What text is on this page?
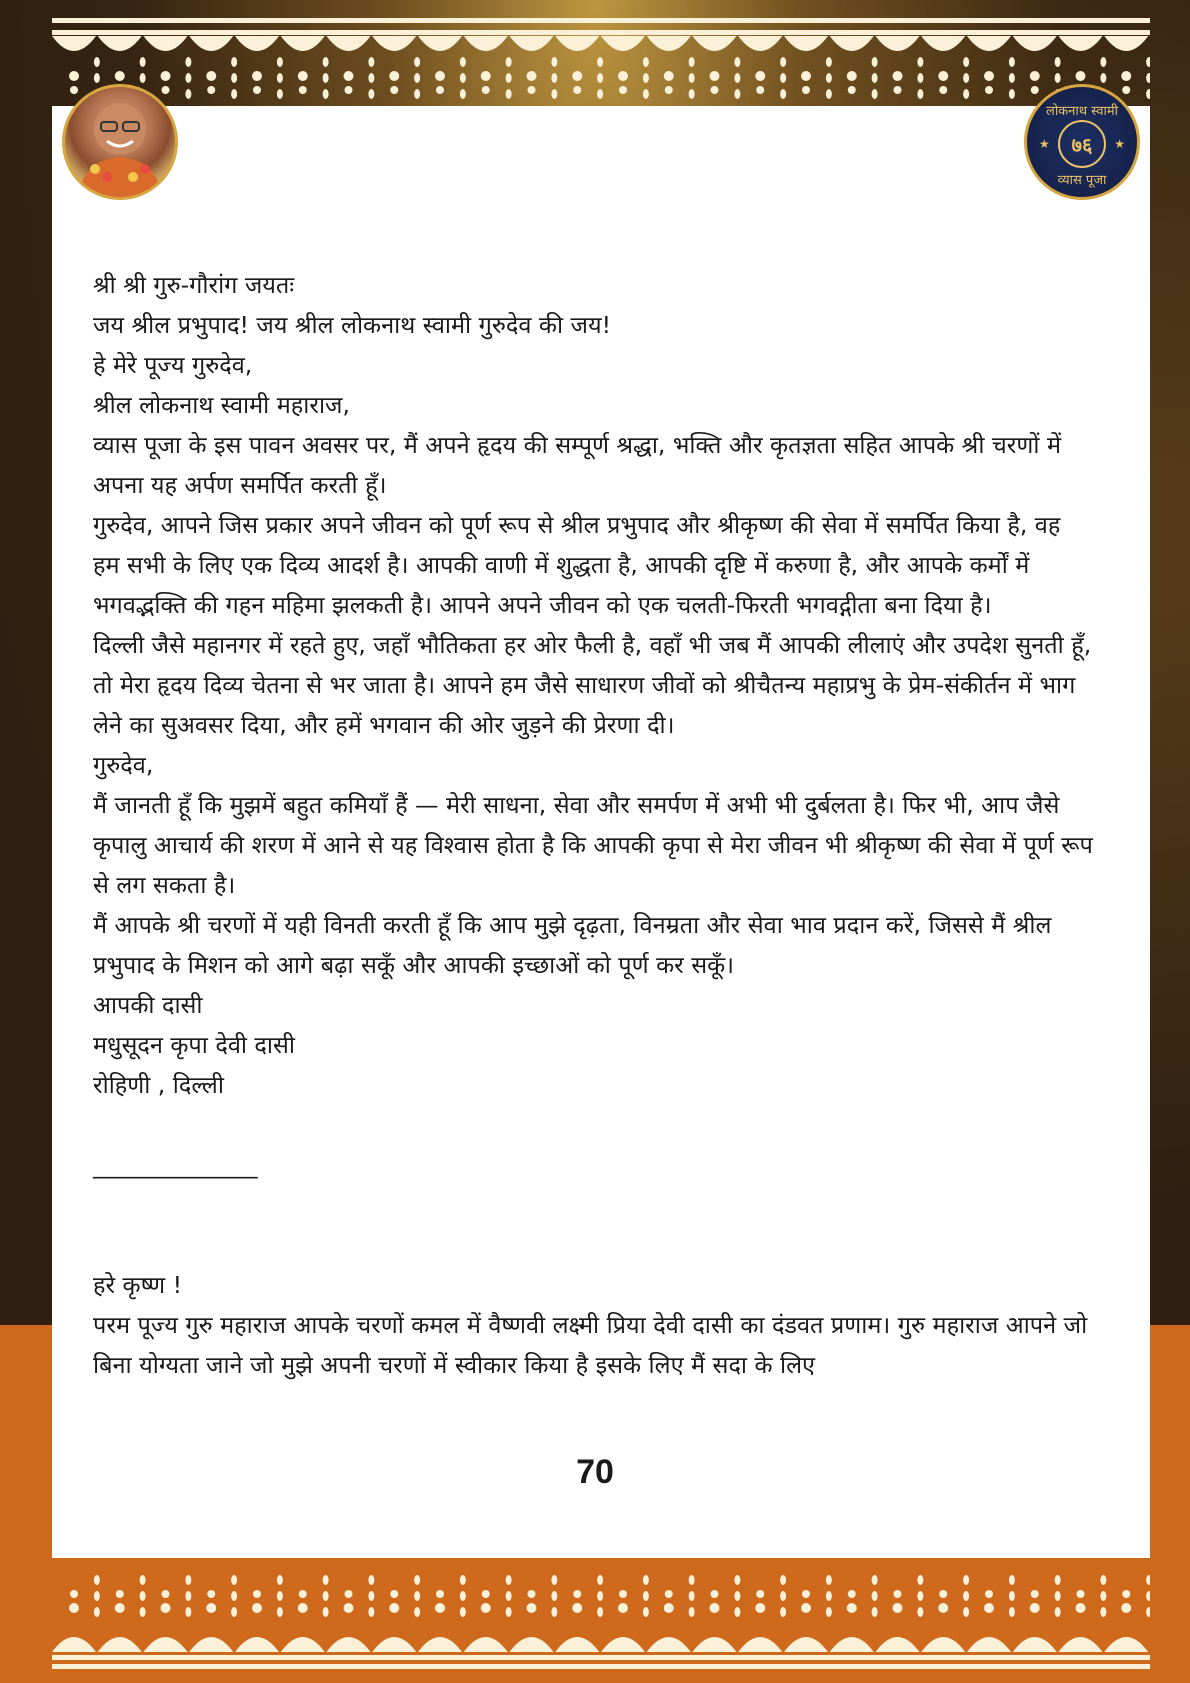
लोकनाथ स्वामी
★	७६	★
व्यास पूजा

श्री श्री गुरु-गौरांग जयतः

जय श्रील प्रभुपाद! जय श्रील लोकनाथ स्वामी गुरुदेव की जय!

हे मेरे पूज्य गुरुदेव,

श्रील लोकनाथ स्वामी महाराज,

व्यास पूजा के इस पावन अवसर पर, मैं अपने हृदय की सम्पूर्ण श्रद्धा, भक्ति और कृतज्ञता सहित आपके श्री चरणों में अपना यह अर्पण समर्पित करती हूँ।

गुरुदेव, आपने जिस प्रकार अपने जीवन को पूर्ण रूप से श्रील प्रभुपाद और श्रीकृष्ण की सेवा में समर्पित किया है, वह हम सभी के लिए एक दिव्य आदर्श है। आपकी वाणी में शुद्धता है, आपकी दृष्टि में करुणा है, और आपके कर्मों में भगवद्भक्ति की गहन महिमा झलकती है। आपने अपने जीवन को एक चलती-फिरती भगवद्गीता बना दिया है।

दिल्ली जैसे महानगर में रहते हुए, जहाँ भौतिकता हर ओर फैली है, वहाँ भी जब मैं आपकी लीलाएं और उपदेश सुनती हूँ, तो मेरा हृदय दिव्य चेतना से भर जाता है। आपने हम जैसे साधारण जीवों को श्रीचैतन्य महाप्रभु के प्रेम-संकीर्तन में भाग लेने का सुअवसर दिया, और हमें भगवान की ओर जुड़ने की प्रेरणा दी।

गुरुदेव,

मैं जानती हूँ कि मुझमें बहुत कमियाँ हैं — मेरी साधना, सेवा और समर्पण में अभी भी दुर्बलता है। फिर भी, आप जैसे कृपालु आचार्य की शरण में आने से यह विश्वास होता है कि आपकी कृपा से मेरा जीवन भी श्रीकृष्ण की सेवा में पूर्ण रूप से लग सकता है।

मैं आपके श्री चरणों में यही विनती करती हूँ कि आप मुझे दृढ़ता, विनम्रता और सेवा भाव प्रदान करें, जिससे मैं श्रील प्रभुपाद के मिशन को आगे बढ़ा सकूँ और आपकी इच्छाओं को पूर्ण कर सकूँ।

आपकी दासी

मधुसूदन कृपा देवी दासी

रोहिणी , दिल्ली

______________

हरे कृष्ण !

परम पूज्य गुरु महाराज आपके चरणों कमल में वैष्णवी लक्ष्मी प्रिया देवी दासी का दंडवत प्रणाम। गुरु महाराज आपने जो बिना योग्यता जाने जो मुझे अपनी चरणों में स्वीकार किया है इसके लिए मैं सदा के लिए

70
